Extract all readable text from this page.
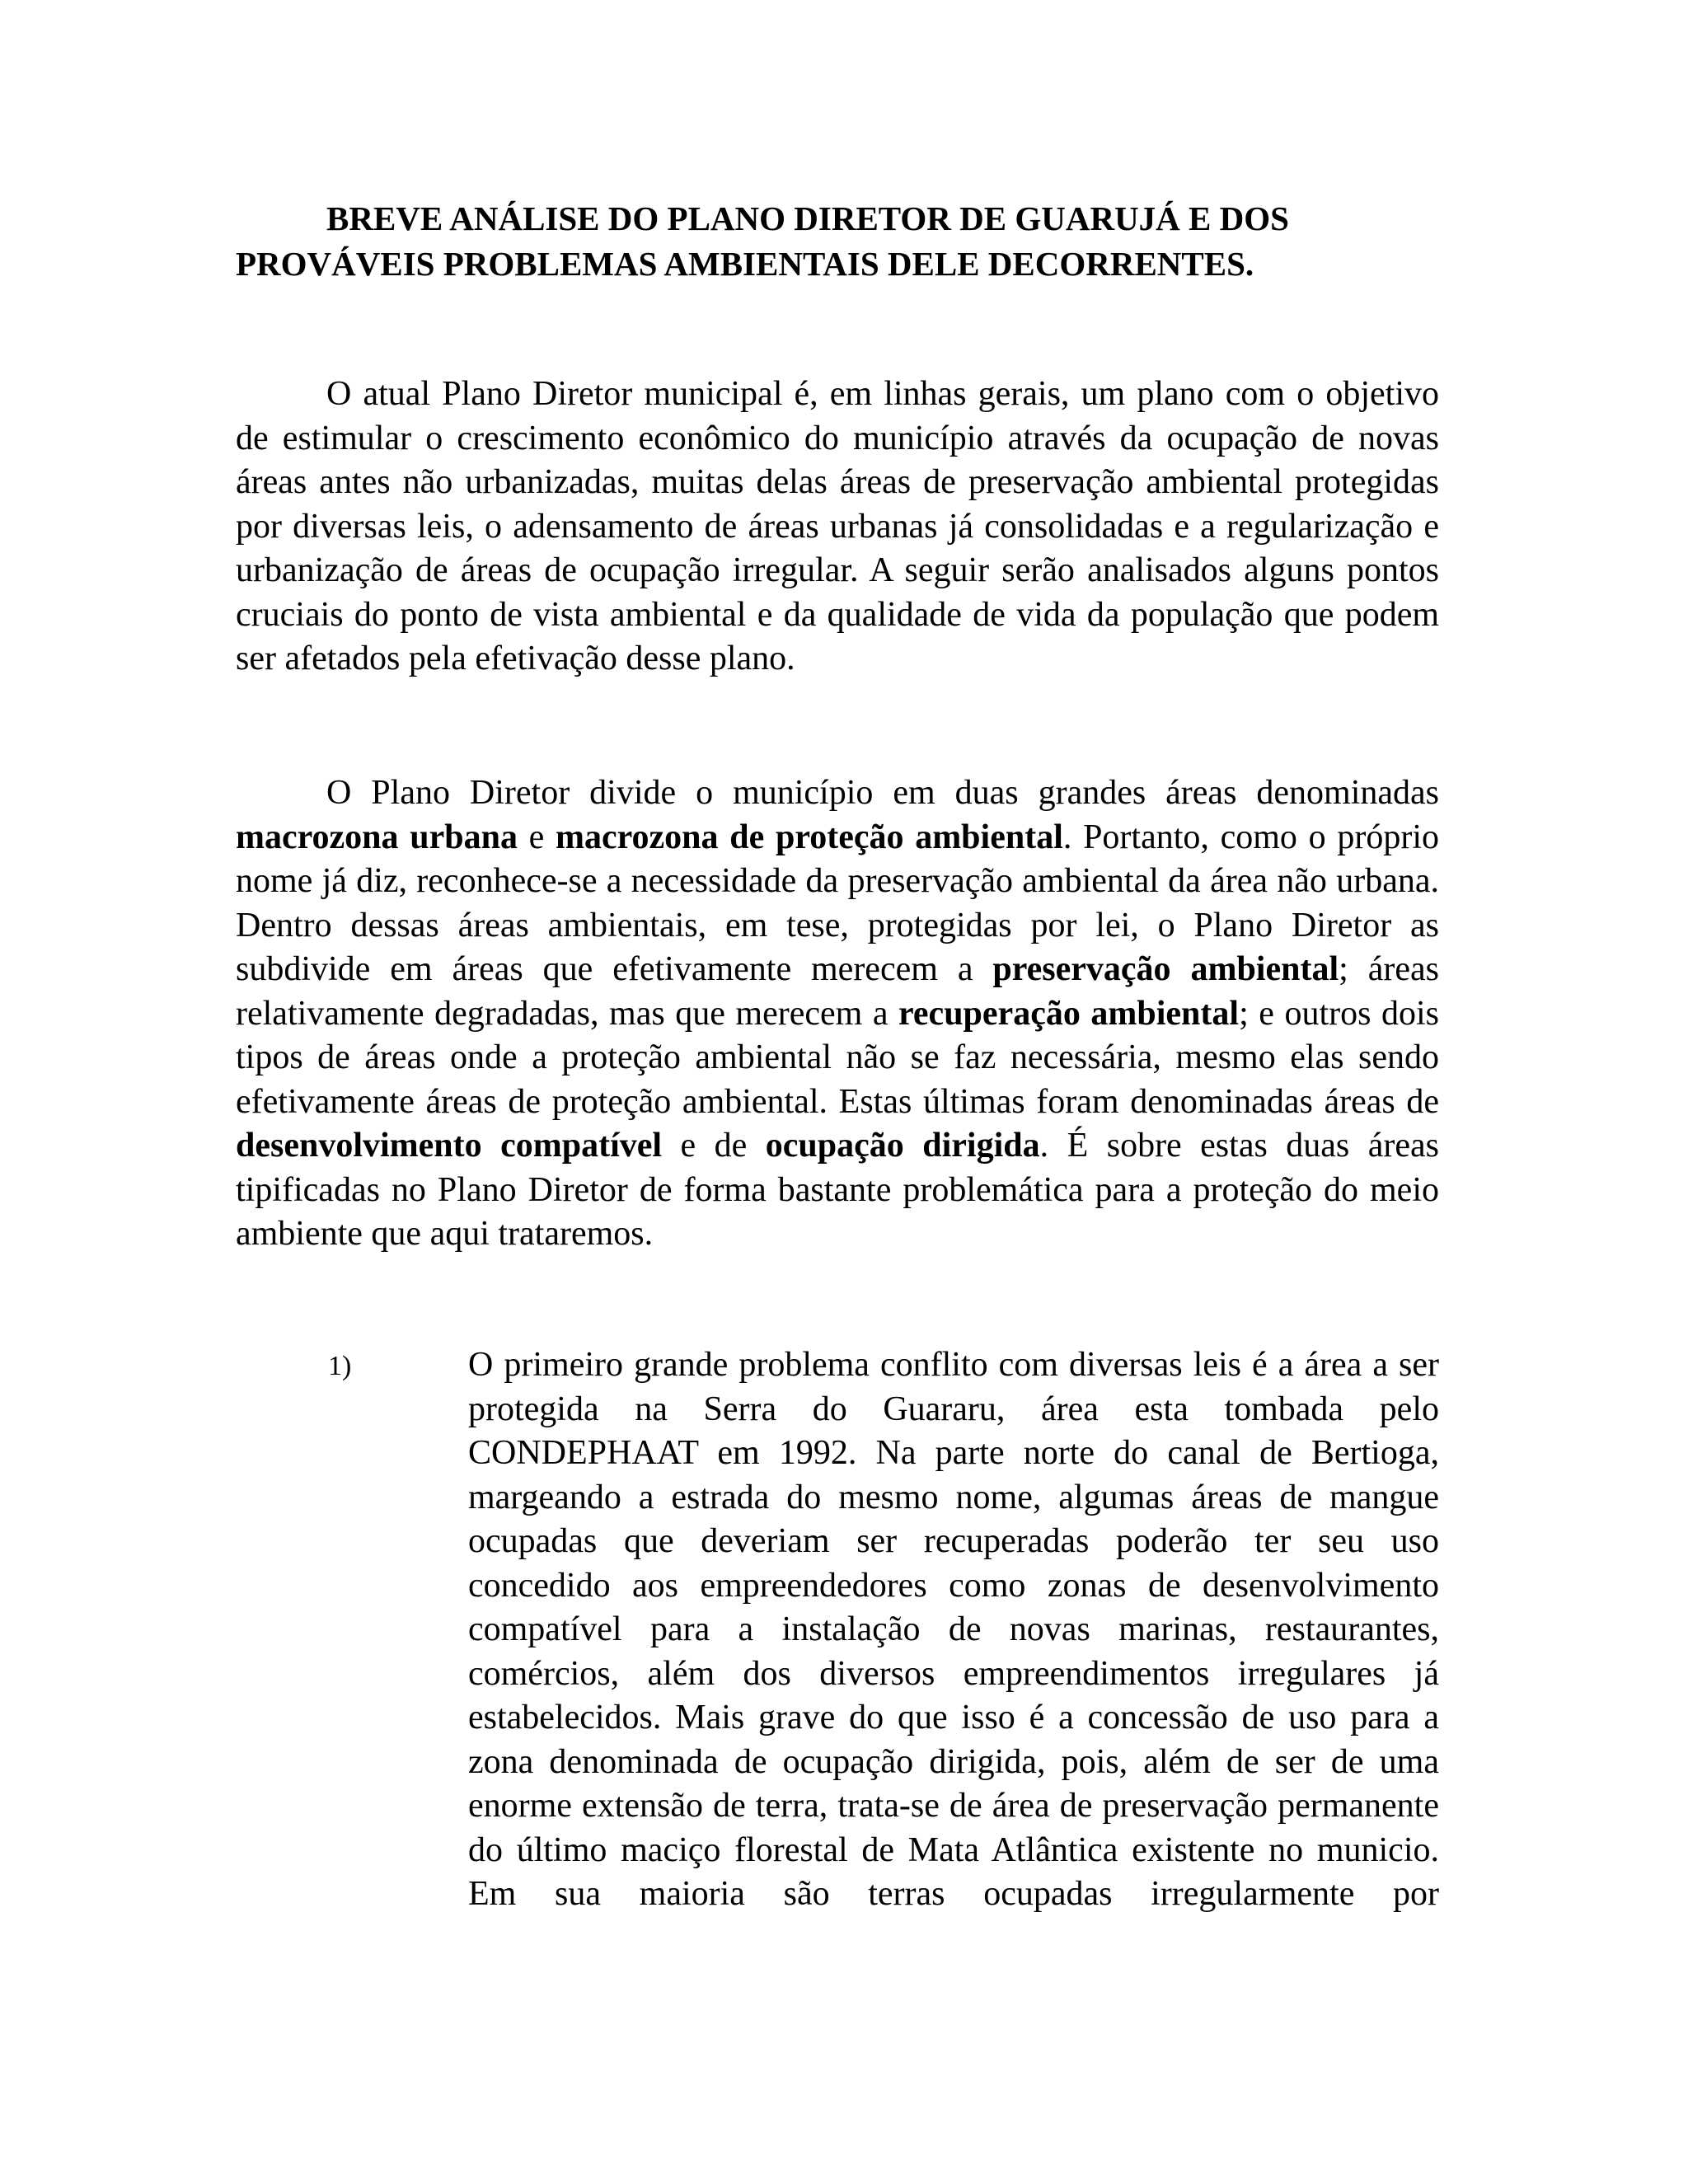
BREVE ANÁLISE DO PLANO DIRETOR DE GUARUJÁ E DOS
PROVÁVEIS PROBLEMAS AMBIENTAIS DELE DECORRENTES.

O atual Plano Diretor municipal é, em linhas gerais, um plano com o objetivo de estimular o crescimento econômico do município através da ocupação de novas áreas antes não urbanizadas, muitas delas áreas de preservação ambiental protegidas por diversas leis, o adensamento de áreas urbanas já consolidadas e a regularização e urbanização de áreas de ocupação irregular. A seguir serão analisados alguns pontos cruciais do ponto de vista ambiental e da qualidade de vida da população que podem ser afetados pela efetivação desse plano.

O Plano Diretor divide o município em duas grandes áreas denominadas macrozona urbana e macrozona de proteção ambiental. Portanto, como o próprio nome já diz, reconhece-se a necessidade da preservação ambiental da área não urbana. Dentro dessas áreas ambientais, em tese, protegidas por lei, o Plano Diretor as subdivide em áreas que efetivamente merecem a preservação ambiental; áreas relativamente degradadas, mas que merecem a recuperação ambiental; e outros dois tipos de áreas onde a proteção ambiental não se faz necessária, mesmo elas sendo efetivamente áreas de proteção ambiental. Estas últimas foram denominadas áreas de desenvolvimento compatível e de ocupação dirigida. É sobre estas duas áreas tipificadas no Plano Diretor de forma bastante problemática para a proteção do meio ambiente que aqui trataremos.

1)	O primeiro grande problema conflito com diversas leis é a área a ser protegida na Serra do Guararu, área esta tombada pelo CONDEPHAAT em 1992. Na parte norte do canal de Bertioga, margeando a estrada do mesmo nome, algumas áreas de mangue ocupadas que deveriam ser recuperadas poderão ter seu uso concedido aos empreendedores como zonas de desenvolvimento compatível para a instalação de novas marinas, restaurantes, comércios, além dos diversos empreendimentos irregulares já estabelecidos. Mais grave do que isso é a concessão de uso para a zona denominada de ocupação dirigida, pois, além de ser de uma enorme extensão de terra, trata-se de área de preservação permanente do último maciço florestal de Mata Atlântica existente no municio. Em sua maioria são terras ocupadas irregularmente por
